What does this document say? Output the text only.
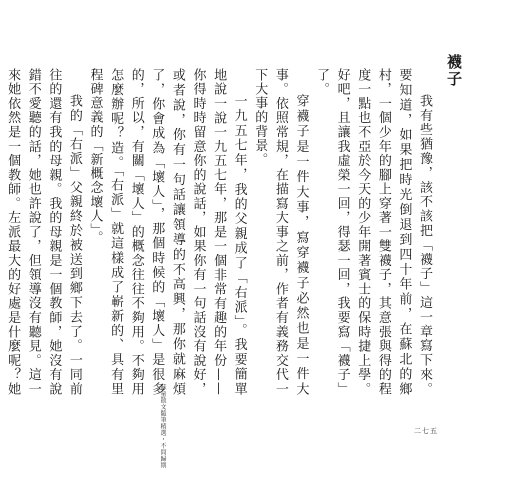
襪子

我有些猶豫，該不該把「襪子」這一章寫下來。要知道，如果把時光倒退到四十年前，在蘇北的鄉村，一個少年的腳上穿著一雙襪子，其意張與得的程度一點也不亞於今天的少年開著賓士的保時捷上學。好吧，且讓我虛榮一回，得瑟一回，我要寫「襪子」了。

穿襪子是一件大事，寫穿襪子必然也是一件大事。依照常規，在描寫大事之前，作者有義務交代一下大事的背景。

一九五七年，我的父親成了「右派」。我要簡單地說一說一九五七年，那是一個非常有趣的年份——你得時時留意你的說話，如果你有一句話沒有說好，或者說，你有一句話讓領導的不高興，那你就麻煩了，你會成為「壞人」，那個時候的「壞人」是很多的，所以，有關「壞人」的概念往往不夠用。不夠用怎麼辦呢？造。「右派」就這樣成了嶄新的、具有里程碑意義的「新概念壞人」。

我的「右派」父親終於被送到鄉下去了。一同前往的還有我的母親。我的母親是一個教師，她沒有說錯不愛聽的話，她也許說了，但領導沒有聽見。這一來她依然是一個教師。左派最大的好處是什麼呢？她	蘇童散文隨筆精選・不問歸期	二七五
